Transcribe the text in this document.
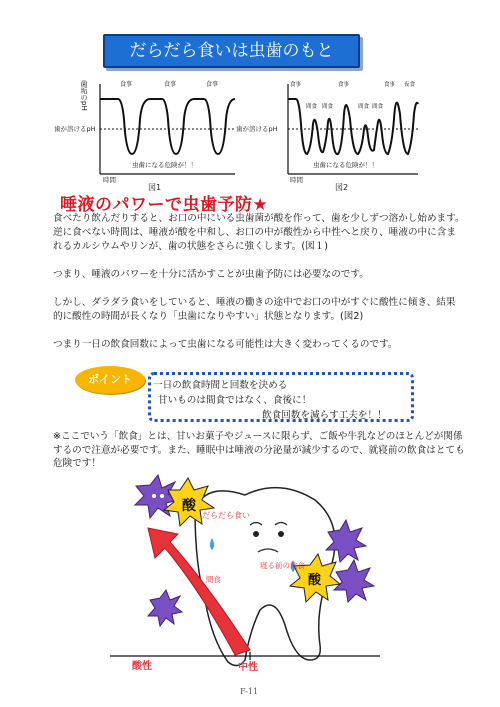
だらだら食いは虫歯のもと
歯垢のpH	食事	食事	食事
虫歯になる危険が！！
時間
歯が溶けるpH
図1
食事
間食 間食
食事
間食 間食
食事 夜食
虫歯になる危険が！！
時間
歯が溶けるpH
図2
唾液のパワーで虫歯予防★
食べたり飲んだりすると、お口の中にいる虫歯菌が酸を作って、歯を少しずつ溶かし始めます。逆に食べない時間は、唾液が酸を中和し、お口の中が酸性から中性へと戻り、唾液の中に含まれるカルシウムやリンが、歯の状態をさらに強くします。(図１)
つまり、唾液のパワーを十分に活かすことが虫歯予防には必要なのです。
しかし、ダラダラ食いをしていると、唾液の働きの途中でお口の中がすぐに酸性に傾き、結果的に酸性の時間が長くなり「虫歯になりやすい」状態となります。(図2)
つまり一日の飲食回数によって虫歯になる可能性は大きく変わってくるのです。
ポイント	一日の飲食時間と回数を決める
甘いものは間食ではなく、食後に！
飲食回数を減らす工夫を！！
※ここでいう「飲食」とは、甘いお菓子やジュースに限らず、ご飯や牛乳などのほとんどが関係するので注意が必要です。また、睡眠中は唾液の分泌量が減少するので、就寝前の飲食はとても危険です！
酸
酸
だらだら食い
寝る前の飲食
間食
酸性	中性
F-11
